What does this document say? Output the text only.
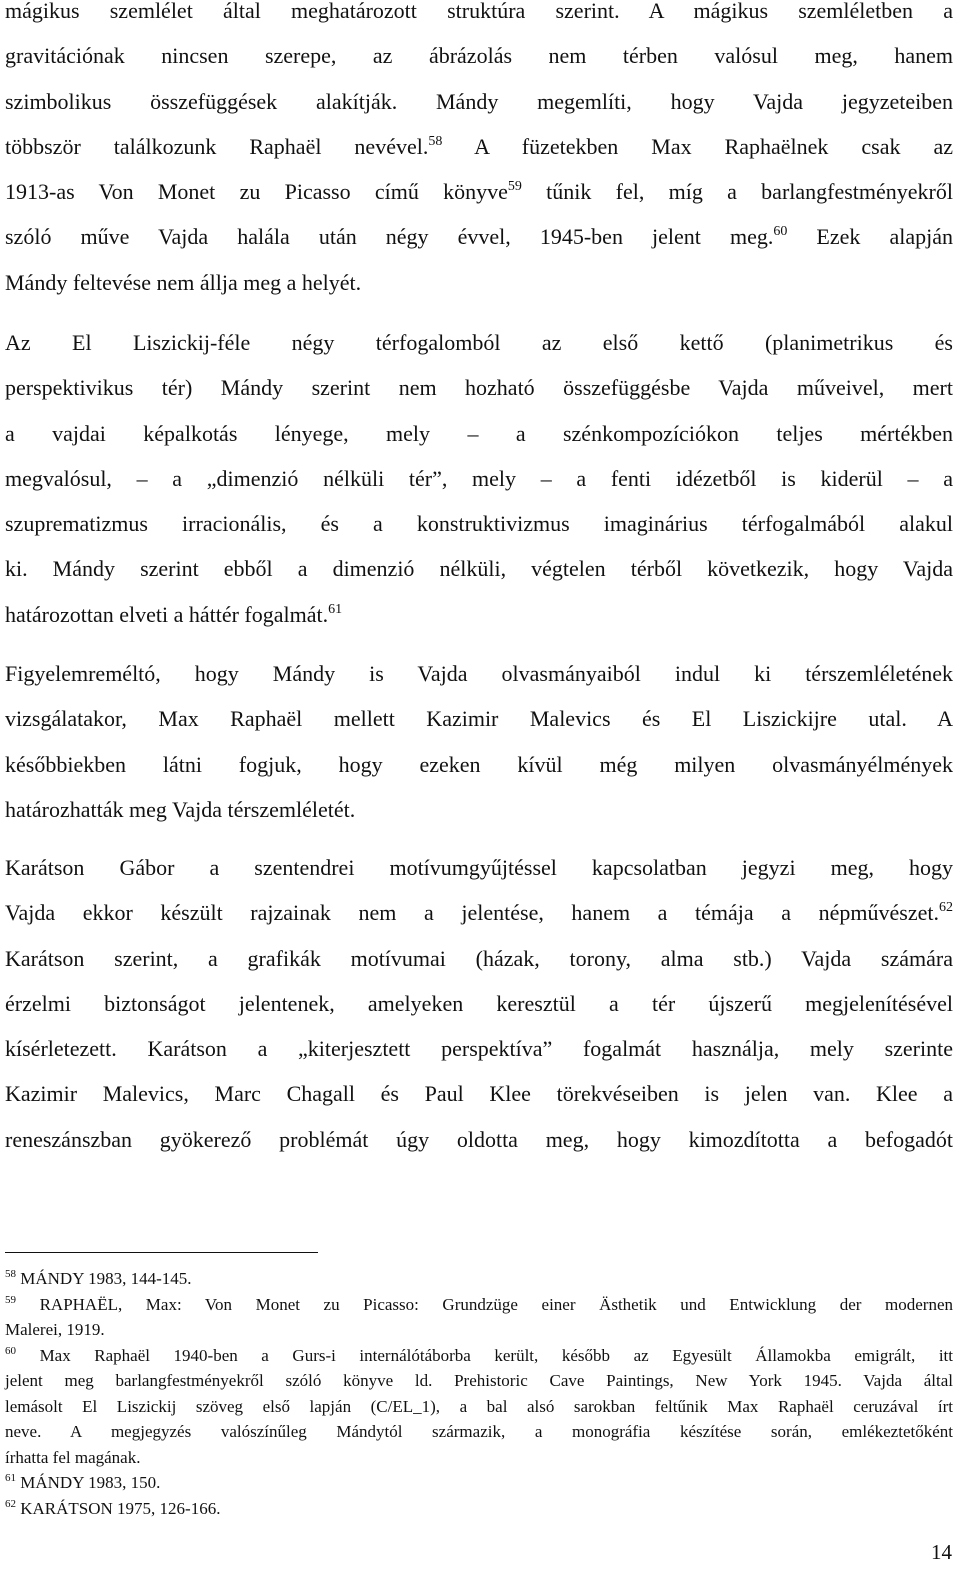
mágikus szemlélet által meghatározott struktúra szerint. A mágikus szemléletben a
gravitációnak nincsen szerepe, az ábrázolás nem térben valósul meg, hanem
szimbolikus összefüggések alakítják. Mándy megemlíti, hogy Vajda jegyzeteiben
többször találkozunk Raphaël nevével.$^{58}$ A füzetekben Max Raphaëlnek csak az
1913-as Von Monet zu Picasso című könyve$^{59}$ tűnik fel, míg a barlangfestményekről
szóló műve Vajda halála után négy évvel, 1945-ben jelent meg.$^{60}$ Ezek alapján
Mándy feltevése nem állja meg a helyét.
Az El Liszickij-féle négy térfogalomból az első kettő (planimetrikus és
perspektivikus tér) Mándy szerint nem hozható összefüggésbe Vajda műveivel, mert
a vajdai képalkotás lényege, mely – a szénkompozíciókon teljes mértékben
megvalósul, – a „dimenzió nélküli tér”, mely – a fenti idézetből is kiderül – a
szuprematizmus irracionális, és a konstruktivizmus imaginárius térfogalmából alakul
ki. Mándy szerint ebből a dimenzió nélküli, végtelen térből következik, hogy Vajda
határozottan elveti a háttér fogalmát.$^{61}$
Figyelemreméltó, hogy Mándy is Vajda olvasmányaiból indul ki térszemléletének
vizsgálatakor, Max Raphaël mellett Kazimir Malevics és El Liszickijre utal. A
későbbiekben látni fogjuk, hogy ezeken kívül még milyen olvasmányélmények
határozhatták meg Vajda térszemléletét.
Karátson Gábor a szentendrei motívumgyűjtéssel kapcsolatban jegyzi meg, hogy
Vajda ekkor készült rajzainak nem a jelentése, hanem a témája a népművészet.$^{62}$
Karátson szerint, a grafikák motívumai (házak, torony, alma stb.) Vajda számára
érzelmi biztonságot jelentenek, amelyeken keresztül a tér újszerű megjelenítésével
kísérletezett. Karátson a „kiterjesztett perspektíva” fogalmát használja, mely szerinte
Kazimir Malevics, Marc Chagall és Paul Klee törekvéseiben is jelen van. Klee a
reneszánszban gyökerező problémát úgy oldotta meg, hogy kimozdította a befogadót
$^{58}$ MÁNDY 1983, 144-145.
$^{59}$ RAPHAËL, Max: Von Monet zu Picasso: Grundzüge einer Ästhetik und Entwicklung der modernen
Malerei, 1919.
$^{60}$ Max Raphaël 1940-ben a Gurs-i internálótáborba került, később az Egyesült Államokba emigrált, itt
jelent meg barlangfestményekről szóló könyve ld. Prehistoric Cave Paintings, New York 1945. Vajda által
lemásolt El Liszickij szöveg első lapján (C/EL_1), a bal alsó sarokban feltűnik Max Raphaël ceruzával írt
neve. A megjegyzés valószínűleg Mándytól származik, a monográfia készítése során, emlékeztetőként
írhatta fel magának.
$^{61}$ MÁNDY 1983, 150.
$^{62}$ KARÁTSON 1975, 126-166.
14
